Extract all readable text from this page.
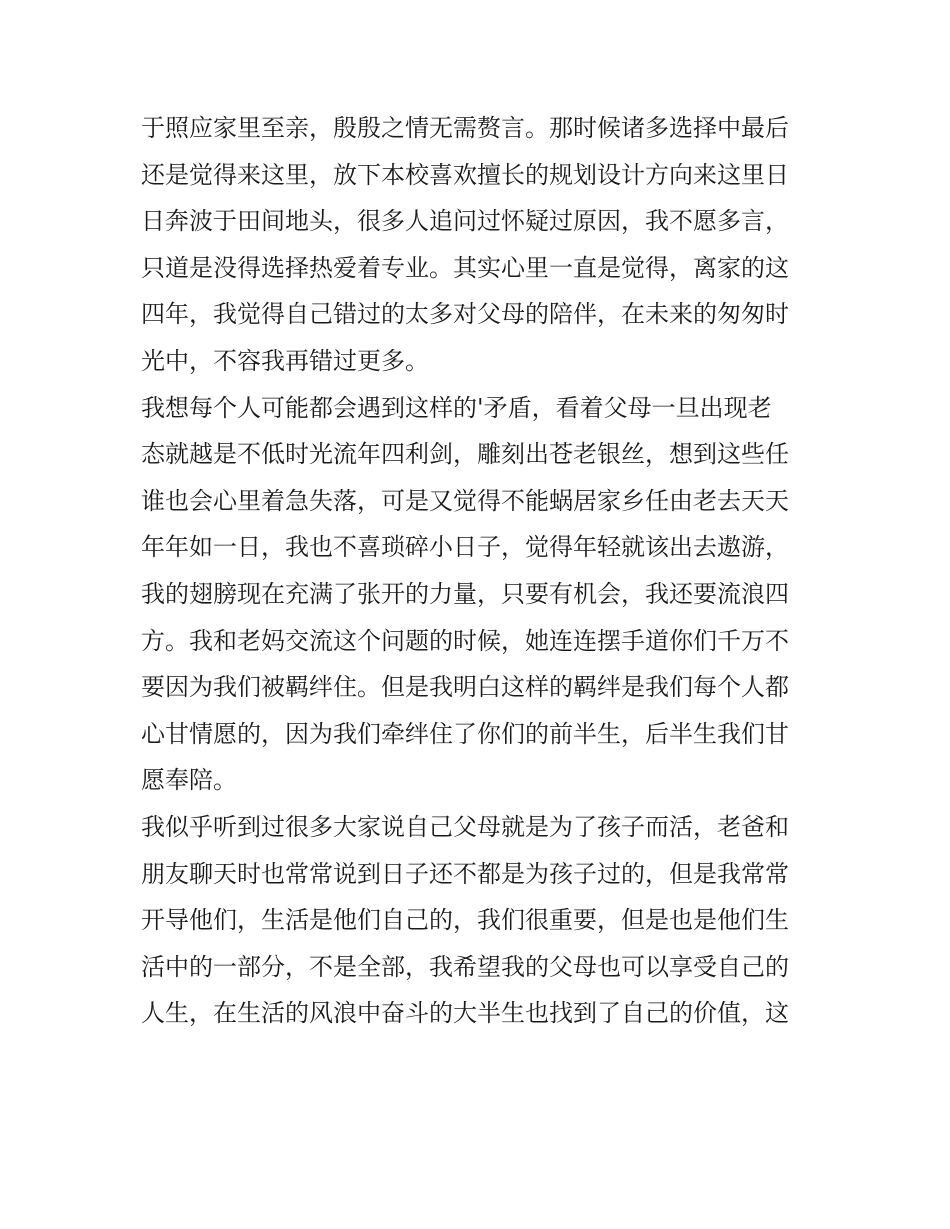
于照应家里至亲，殷殷之情无需赘言。那时候诸多选择中最后
还是觉得来这里，放下本校喜欢擅长的规划设计方向来这里日
日奔波于田间地头，很多人追问过怀疑过原因，我不愿多言，
只道是没得选择热爱着专业。其实心里一直是觉得，离家的这
四年，我觉得自己错过的太多对父母的陪伴，在未来的匆匆时
光中，不容我再错过更多。
我想每个人可能都会遇到这样的'矛盾，看着父母一旦出现老
态就越是不低时光流年四利剑，雕刻出苍老银丝，想到这些任
谁也会心里着急失落，可是又觉得不能蜗居家乡任由老去天天
年年如一日，我也不喜琐碎小日子，觉得年轻就该出去遨游，
我的翅膀现在充满了张开的力量，只要有机会，我还要流浪四
方。我和老妈交流这个问题的时候，她连连摆手道你们千万不
要因为我们被羁绊住。但是我明白这样的羁绊是我们每个人都
心甘情愿的，因为我们牵绊住了你们的前半生，后半生我们甘
愿奉陪。
我似乎听到过很多大家说自己父母就是为了孩子而活，老爸和
朋友聊天时也常常说到日子还不都是为孩子过的，但是我常常
开导他们，生活是他们自己的，我们很重要，但是也是他们生
活中的一部分，不是全部，我希望我的父母也可以享受自己的
人生，在生活的风浪中奋斗的大半生也找到了自己的价值，这
